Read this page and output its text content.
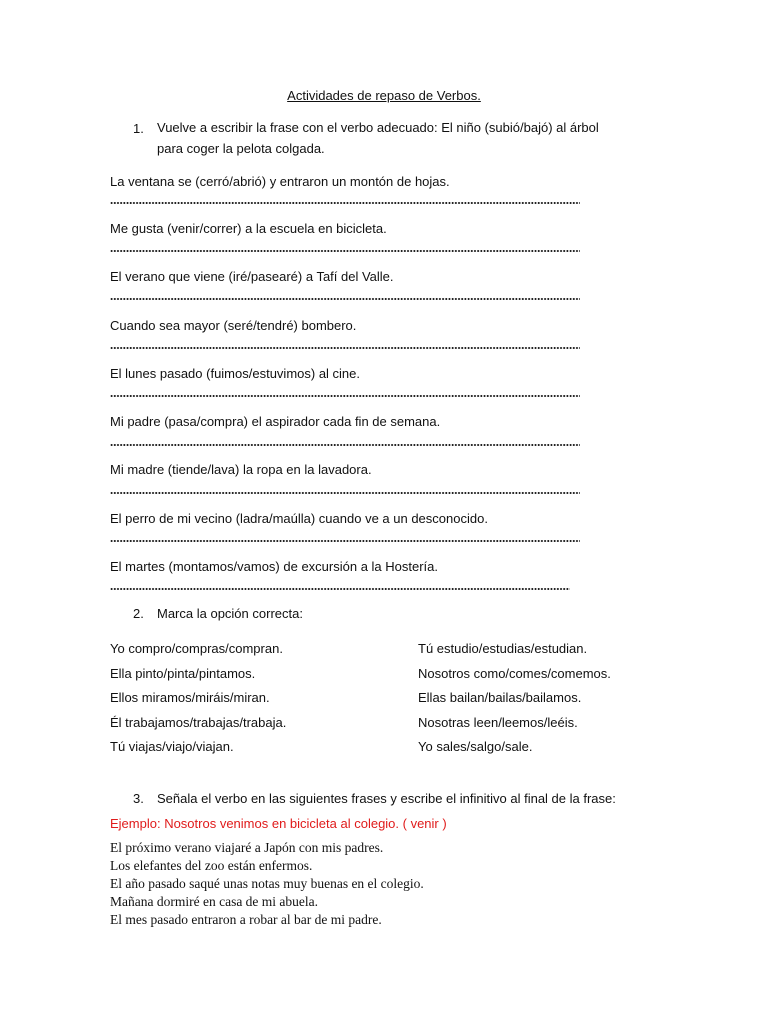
Actividades de repaso de Verbos.
1. Vuelve a escribir la frase con el verbo adecuado: El niño (subió/bajó) al árbol
para coger la pelota colgada.
La ventana se (cerró/abrió) y entraron un montón de hojas.
Me gusta (venir/correr) a la escuela en bicicleta.
El verano que viene (iré/pasearé) a Tafí del Valle.
Cuando sea mayor (seré/tendré) bombero.
El lunes pasado (fuimos/estuvimos) al cine.
Mi padre (pasa/compra) el aspirador cada fin de semana.
Mi madre (tiende/lava) la ropa en la lavadora.
El perro de mi vecino (ladra/maúlla) cuando ve a un desconocido.
El martes (montamos/vamos) de excursión a la Hostería.
2. Marca la opción correcta:
Yo compro/compras/compran.	Tú estudio/estudias/estudian.
Ella pinto/pinta/pintamos.	Nosotros como/comes/comemos.
Ellos miramos/miráis/miran.	Ellas bailan/bailas/bailamos.
Él trabajamos/trabajas/trabaja.	Nosotras leen/leemos/leéis.
Tú viajas/viajo/viajan.	Yo sales/salgo/sale.
3. Señala el verbo en las siguientes frases y escribe el infinitivo al final de la frase:
Ejemplo: Nosotros venimos en bicicleta al colegio. ( venir )
El próximo verano viajaré a Japón con mis padres.
Los elefantes del zoo están enfermos.
El año pasado saqué unas notas muy buenas en el colegio.
Mañana dormiré en casa de mi abuela.
El mes pasado entraron a robar al bar de mi padre.
